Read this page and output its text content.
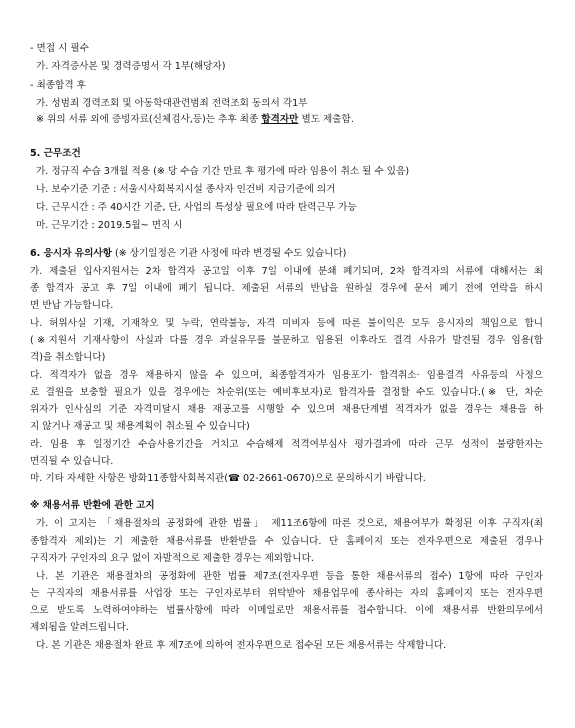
- 면접 시 필수
가. 자격증사본 및 경력증명서 각 1부(해당자)
- 최종합격 후
가. 성범죄 경력조회 및 아동학대관련범죄 전력조회 동의서 각1부
※ 위의 서류 외에 증빙자료(신체검사,등)는 추후 최종 합격자만 별도 제출함.
5. 근무조건
가. 정규직 수습 3개월 적용 (※ 당 수습 기간 만료 후 평가에 따라 임용이 취소 될 수 있음)
나. 보수기준 기준 : 서울시사회복지시설 종사자 인건비 지급기준에 의거
다. 근무시간 : 주 40시간 기준, 단, 사업의 특성상 필요에 따라 탄력근무 가능
마. 근무기간 : 2019.5월~ 면직 시
6. 응시자 유의사항 (※ 상기일정은 기관 사정에 따라 변경될 수도 있습니다)
가. 제출된 입사지원서는 2차 합격자 공고일 이후 7일 이내에 분쇄 폐기되며, 2차 합격자의 서류에 대해서는 최
종 합격자 공고 후 7일 이내에 폐기 됩니다. 제출된 서류의 반납을 원하실 경우에 문서 폐기 전에 연락을 하시
면 반납 가능합니다.
나. 허위사실 기재, 기재착오 및 누락, 연락불능, 자격 미비자 등에 따른 불이익은 모두 응시자의 책임으로 합니
(※지원서 기재사항이 사실과 다를 경우 과실유무를 불문하고 임용된 이후라도 결격 사유가 발견될 경우 임용(합
격)을 취소합니다)
다. 적격자가 없을 경우 채용하지 않을 수 있으며, 최종합격자가 임용포기· 합격취소· 임용결격 사유등의 사정으
로 결원을 보충할 필요가 있을 경우에는 차순위(또는 예비후보자)로 합격자를 결정할 수도 있습니다.(※ 단, 차순
위자가 인사심의 기준 자격미달시 채용 재공고를 시행할 수 있으며 채용단계별 적격자가 없을 경우는 채용을 하
지 않거나 재공고 및 채용계획이 취소될 수 있습니다)
라. 임용 후 일정기간 수습사용기간을 거치고 수습해제 적격여부심사 평가결과에 따라 근무 성적이 불량한자는
면직될 수 있습니다.
마. 기타 자세한 사항은 방화11종합사회복지관(☎ 02-2661-0670)으로 문의하시기 바랍니다.
※ 채용서류 반환에 관한 고지
가. 이 고지는 「채용절차의 공정화에 관한 법률」 제11조6항에 따른 것으로, 채용여부가 확정된 이후 구직자(최
종합격자 제외)는 기 제출한 채용서류를 반환받을 수 있습니다. 단 홈페이지 또는 전자우편으로 제출된 경우나
구직자가 구인자의 요구 없이 자발적으로 제출한 경우는 제외합니다.
나. 본 기관은 채용절차의 공정화에 관한 법률 제7조(전자우편 등을 통한 채용서류의 접수) 1항에 따라 구인자
는 구직자의 채용서류를 사업장 또는 구인자로부터 위탁받아 채용업무에 종사하는 자의 홈페이지 또는 전자우편
으로 받도록 노력하여야하는 법률사항에 따라 이메일로만 채용서류를 접수합니다. 이에 채용서류 반환의무에서
제외됨을 알려드립니다.
다. 본 기관은 채용절차 완료 후 제7조에 의하여 전자우편으로 접수된 모든 채용서류는 삭제합니다.
